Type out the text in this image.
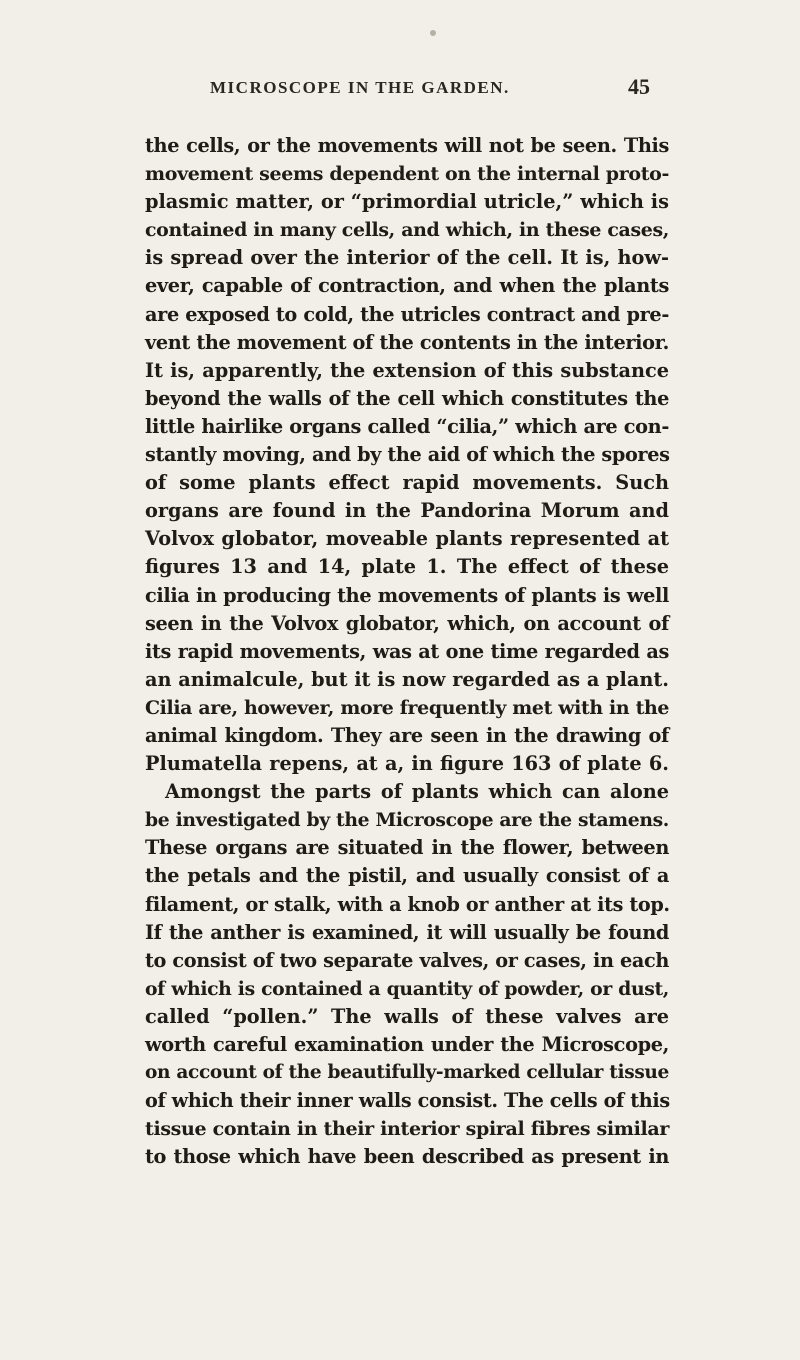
MICROSCOPE IN THE GARDEN.	45
the cells, or the movements will not be seen. This
movement seems dependent on the internal proto-
plasmic matter, or “primordial utricle,” which is
contained in many cells, and which, in these cases,
is spread over the interior of the cell. It is, how-
ever, capable of contraction, and when the plants
are exposed to cold, the utricles contract and pre-
vent the movement of the contents in the interior.
It is, apparently, the extension of this substance
beyond the walls of the cell which constitutes the
little hairlike organs called “cilia,” which are con-
stantly moving, and by the aid of which the spores
of some plants effect rapid movements. Such
organs are found in the Pandorina Morum and
Volvox globator, moveable plants represented at
figures 13 and 14, plate 1. The effect of these
cilia in producing the movements of plants is well
seen in the Volvox globator, which, on account of
its rapid movements, was at one time regarded as
an animalcule, but it is now regarded as a plant.
Cilia are, however, more frequently met with in the
animal kingdom. They are seen in the drawing of
Plumatella repens, at a, in figure 163 of plate 6.
Amongst the parts of plants which can alone
be investigated by the Microscope are the stamens.
These organs are situated in the flower, between
the petals and the pistil, and usually consist of a
filament, or stalk, with a knob or anther at its top.
If the anther is examined, it will usually be found
to consist of two separate valves, or cases, in each
of which is contained a quantity of powder, or dust,
called “pollen.” The walls of these valves are
worth careful examination under the Microscope,
on account of the beautifully-marked cellular tissue
of which their inner walls consist. The cells of this
tissue contain in their interior spiral fibres similar
to those which have been described as present in
